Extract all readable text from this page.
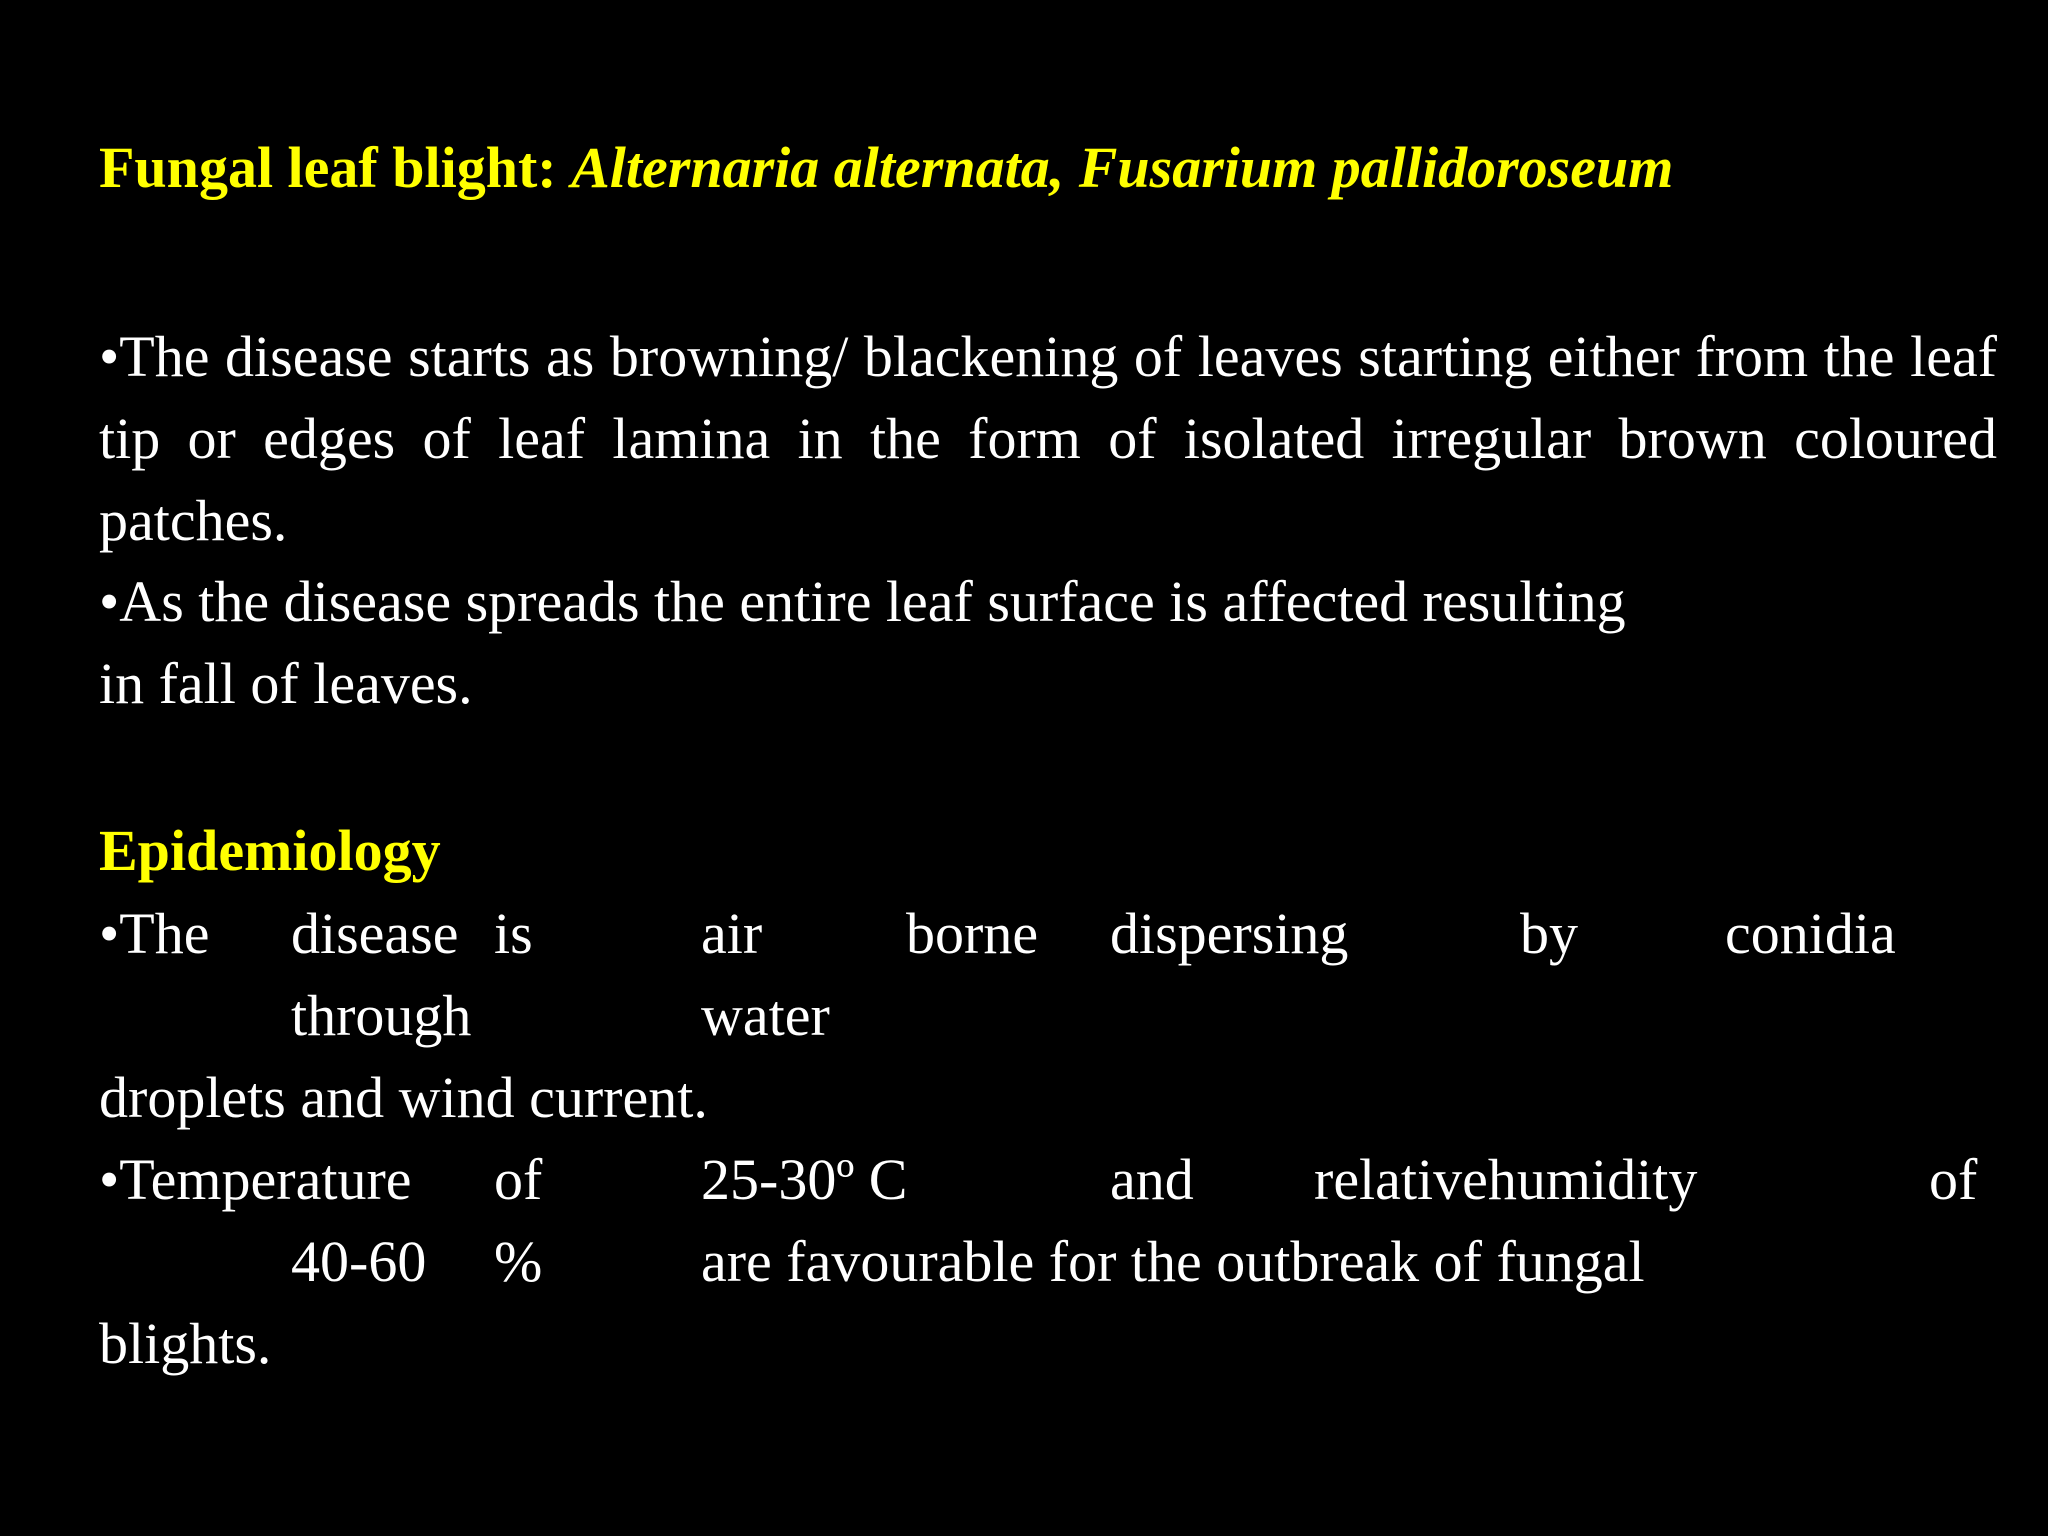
Fungal leaf blight: Alternaria alternata, Fusarium pallidoroseum
•The disease starts as browning/ blackening of leaves starting either from the leaf tip or edges of leaf lamina in the form of isolated irregular brown coloured patches.
•As the disease spreads the entire leaf surface is affected resulting
in fall of leaves.
Epidemiology
•The disease is	air borne dispersing	by	conidia
through	water
droplets and wind current.
•Temperature of	25-30º C	and relativehumidity	of
40-60 %	are favourable for the outbreak of fungal
blights.
